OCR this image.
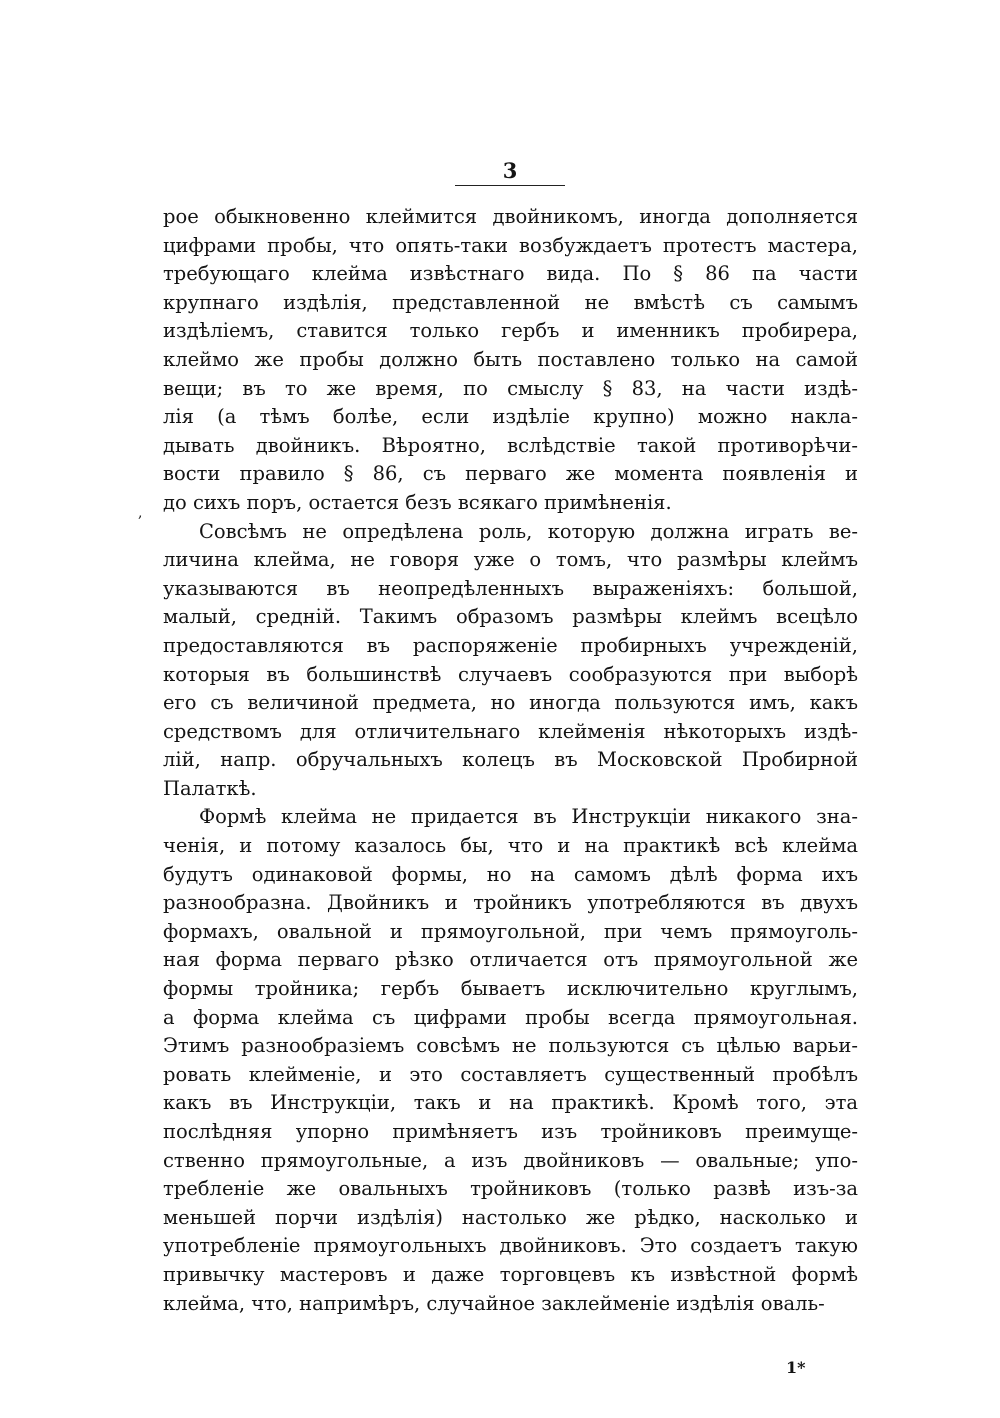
3
,
рое обыкновенно клеймится двойникомъ, иногда дополняется
цифрами пробы, что опять-таки возбуждаетъ протестъ мастера,
требующаго клейма извѣстнаго вида. По § 86 па части
крупнаго издѣлія, представленной не вмѣстѣ съ самымъ
издѣліемъ, ставится только гербъ и именникъ пробирера,
клеймо же пробы должно быть поставлено только на самой
вещи; въ то же время, по смыслу § 83, на части издѣ-
лія (а тѣмъ болѣе, если издѣліе крупно) можно накла-
дывать двойникъ. Вѣроятно, вслѣдствіе такой противорѣчи-
вости правило § 86, съ перваго же момента появленія и
до сихъ поръ, остается безъ всякаго примѣненія.
Совсѣмъ не опредѣлена роль, которую должна играть ве-
личина клейма, не говоря уже о томъ, что размѣры клеймъ
указываются въ неопредѣленныхъ выраженіяхъ: большой,
малый, средній. Такимъ образомъ размѣры клеймъ всецѣло
предоставляются въ распоряженіе пробирныхъ учрежденій,
которыя въ большинствѣ случаевъ сообразуются при выборѣ
его съ величиной предмета, но иногда пользуются имъ, какъ
средствомъ для отличительнаго клейменія нѣкоторыхъ издѣ-
лій, напр. обручальныхъ колецъ въ Московской Пробирной
Палаткѣ.
Формѣ клейма не придается въ Инструкціи никакого зна-
ченія, и потому казалось бы, что и на практикѣ всѣ клейма
будутъ одинаковой формы, но на самомъ дѣлѣ форма ихъ
разнообразна. Двойникъ и тройникъ употребляются въ двухъ
формахъ, овальной и прямоугольной, при чемъ прямоуголь-
ная форма перваго рѣзко отличается отъ прямоугольной же
формы тройника; гербъ бываетъ исключительно круглымъ,
а форма клейма съ цифрами пробы всегда прямоугольная.
Этимъ разнообразіемъ совсѣмъ не пользуются съ цѣлью варьи-
ровать клейменіе, и это составляетъ существенный пробѣлъ
какъ въ Инструкціи, такъ и на практикѣ. Кромѣ того, эта
послѣдняя упорно примѣняетъ изъ тройниковъ преимуще-
ственно прямоугольные, а изъ двойниковъ — овальные; упо-
требленіе же овальныхъ тройниковъ (только развѣ изъ-за
меньшей порчи издѣлія) настолько же рѣдко, насколько и
употребленіе прямоугольныхъ двойниковъ. Это создаетъ такую
привычку мастеровъ и даже торговцевъ къ извѣстной формѣ
клейма, что, напримѣръ, случайное заклейменіе издѣлія оваль-
1*
